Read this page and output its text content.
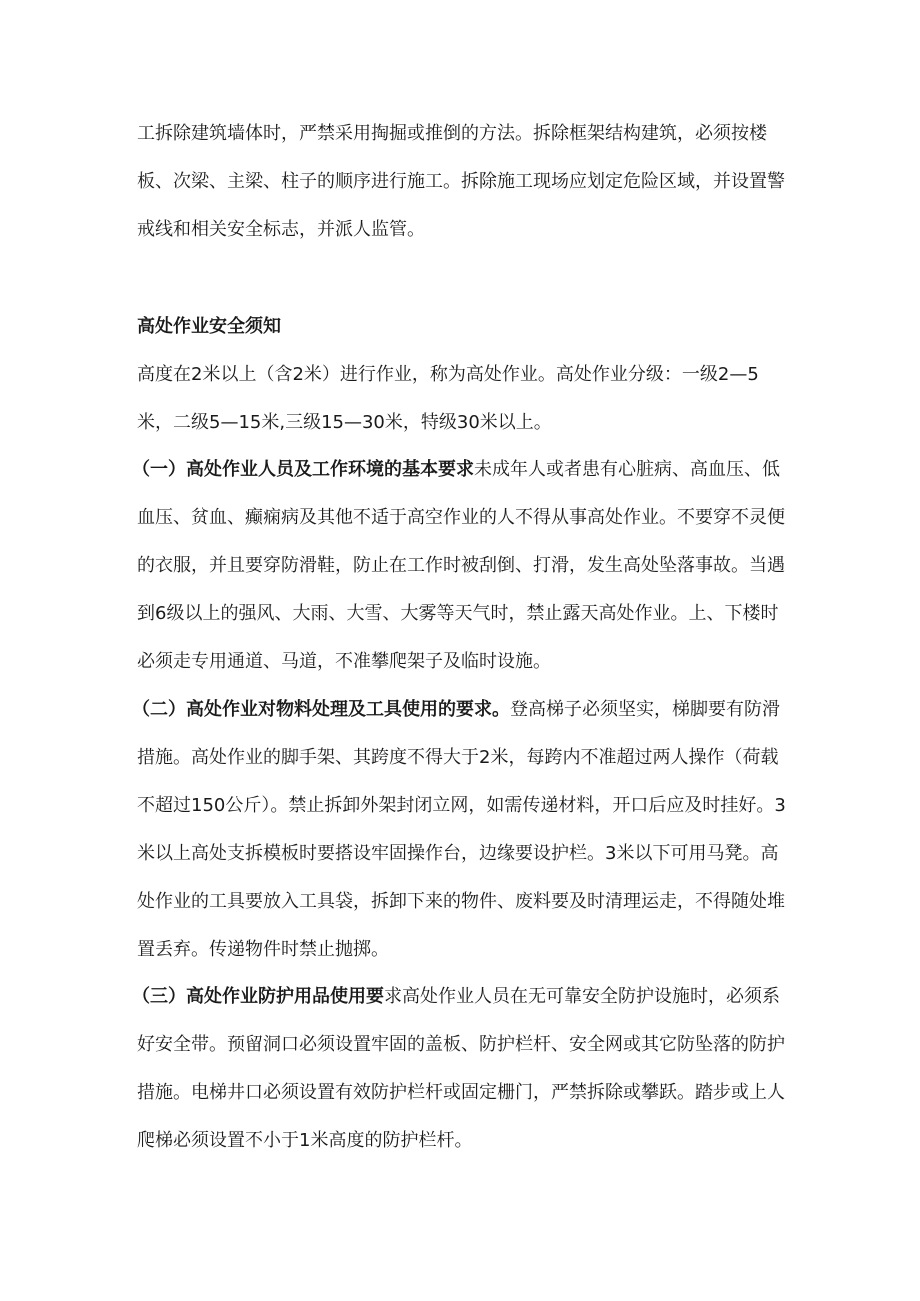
工拆除建筑墙体时，严禁采用掏掘或推倒的方法。拆除框架结构建筑，必须按楼板、次梁、主梁、柱子的顺序进行施工。拆除施工现场应划定危险区域，并设置警戒线和相关安全标志，并派人监管。

高处作业安全须知

高度在2米以上（含2米）进行作业，称为高处作业。高处作业分级：一级2—5米，二级5—15米,三级15—30米，特级30米以上。

（一）高处作业人员及工作环境的基本要求未成年人或者患有心脏病、高血压、低血压、贫血、癫痫病及其他不适于高空作业的人不得从事高处作业。不要穿不灵便的衣服，并且要穿防滑鞋，防止在工作时被刮倒、打滑，发生高处坠落事故。当遇到6级以上的强风、大雨、大雪、大雾等天气时，禁止露天高处作业。上、下楼时必须走专用通道、马道，不准攀爬架子及临时设施。

（二）高处作业对物料处理及工具使用的要求。登高梯子必须坚实，梯脚要有防滑措施。高处作业的脚手架、其跨度不得大于2米，每跨内不准超过两人操作（荷载不超过150公斤）。禁止拆卸外架封闭立网，如需传递材料，开口后应及时挂好。3米以上高处支拆模板时要搭设牢固操作台，边缘要设护栏。3米以下可用马凳。高处作业的工具要放入工具袋，拆卸下来的物件、废料要及时清理运走，不得随处堆置丢弃。传递物件时禁止抛掷。

（三）高处作业防护用品使用要求高处作业人员在无可靠安全防护设施时，必须系好安全带。预留洞口必须设置牢固的盖板、防护栏杆、安全网或其它防坠落的防护措施。电梯井口必须设置有效防护栏杆或固定栅门，严禁拆除或攀跃。踏步或上人爬梯必须设置不小于1米高度的防护栏杆。
